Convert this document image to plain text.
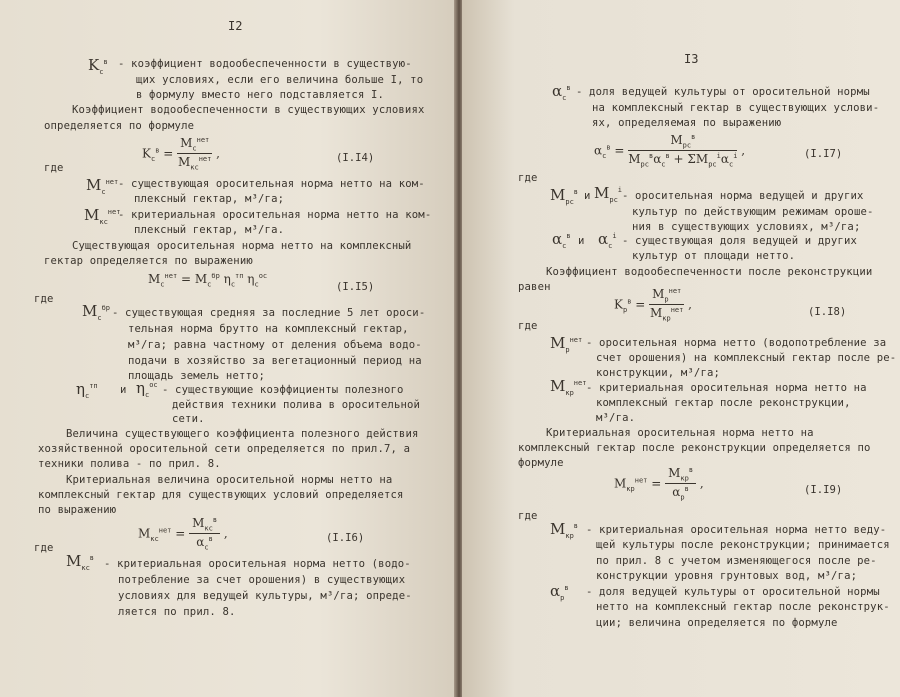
I2
$K_с^в$ - коэффициент водообеспеченности в существую-
щих условиях, если его величина больше I, то
в формулу вместо него подставляется I.
Коэффициент водообеспеченности в существующих условиях
определяется по формуле
$K_с^в = \frac{M_с^{нет}}{M_{кс}^{нет}}$ ,	(I.I4)
где
$M_с^{нет}$ - существующая оросительная норма нетто на ком-
плексный гектар, м³/га;
$M_{кс}^{нет}$
- критериальная оросительная норма нетто на ком-
плексный гектар, м³/га.
Существующая оросительная норма нетто на комплексный
гектар определяется по выражению
$M_с^{нет} = M_с^{бр}$ $\eta_с^{тп}$ $\eta_с^{ос}$
(I.I5)
где
$M_с^{бр}$ - существующая средняя за последние 5 лет ороси-
тельная норма брутто на комплексный гектар,
м³/га; равна частному от деления объема водо-
подачи в хозяйство за вегетационный период на
площадь земель нетто;
$\eta_с^{тп}$ и $\eta_с^{ос}$ - существующие коэффициенты полезного
действия техники полива в оросительной
сети.
Величина существующего коэффициента полезного действия
хозяйственной оросительной сети определяется по прил.7, а
техники полива - по прил. 8.
Критериальная величина оросительной нормы нетто на
комплексный гектар для существующих условий определяется
по выражению
$M_{кс}^{нет} = \frac{M_{кс}^в}{\alpha_с^в}$ ,	(I.I6)
где
$M_{кс}^в$ - критериальная оросительная норма нетто (водо-
потребление за счет орошения) в существующих
условиях для ведущей культуры, м³/га; опреде-
ляется по прил. 8.
I3
$\alpha_с^в$ - доля ведущей культуры от оросительной нормы
на комплексный гектар в существующих услови-
ях, определяемая по выражению
$\alpha_с^в = \frac{M_{рс}^в}{M_{рс}^в\alpha_с^в + \Sigma M_{рс}^i\alpha_с^i}$ ,	(I.I7)
где
$M_{рс}^в$ и $M_{рс}^i$ - оросительная норма ведущей и других
культур по действующим режимам ороше-
ния в существующих условиях, м³/га;
$\alpha_с^в$ и $\alpha_с^i$ - существующая доля ведущей и других
культур от площади нетто.
Коэффициент водообеспеченности после реконструкции
равен
$K_р^в = \frac{M_р^{нет}}{M_{кр}^{нет}}$ ,
(I.I8)
где
$M_р^{нет}$ - оросительная норма нетто (водопотребление за
счет орошения) на комплексный гектар после ре-
конструкции, м³/га;
$M_{кр}^{нет}$ - критериальная оросительная норма нетто на
комплексный гектар после реконструкции,
м³/га.
Критериальная оросительная норма нетто на
комплексный гектар после реконструкции определяется по
формуле
$M_{кр}^{нет} = \frac{M_{кр}^в}{\alpha_р^в}$ ,	(I.I9)
где
$M_{кр}^в$ - критериальная оросительная норма нетто веду-
щей культуры после реконструкции; принимается
по прил. 8 с учетом изменяющегося после ре-
конструкции уровня грунтовых вод, м³/га;
$\alpha_р^в$ - доля ведущей культуры от оросительной нормы
нетто на комплексный гектар после реконструк-
ции; величина определяется по формуле
